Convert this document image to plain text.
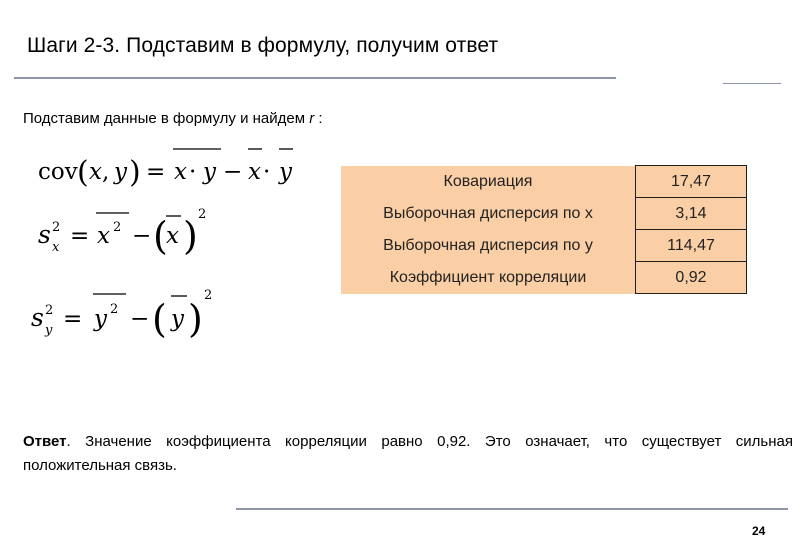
Шаги 2-3. Подставим в формулу, получим ответ
Подставим данные в формулу и найдем r :
cov ( x , y ) = x · y − x · y
s 2
x = x 2 − (
x ) 2
s 2
y = y 2 − ( y )
2
Ковариация	17,47
Выборочная дисперсия по x	3,14
Выборочная дисперсия по y	114,47
Коэффициент корреляции	0,92
Ответ. Значение коэффициента корреляции равно 0,92. Это означает, что существует сильная положительная связь.
24
